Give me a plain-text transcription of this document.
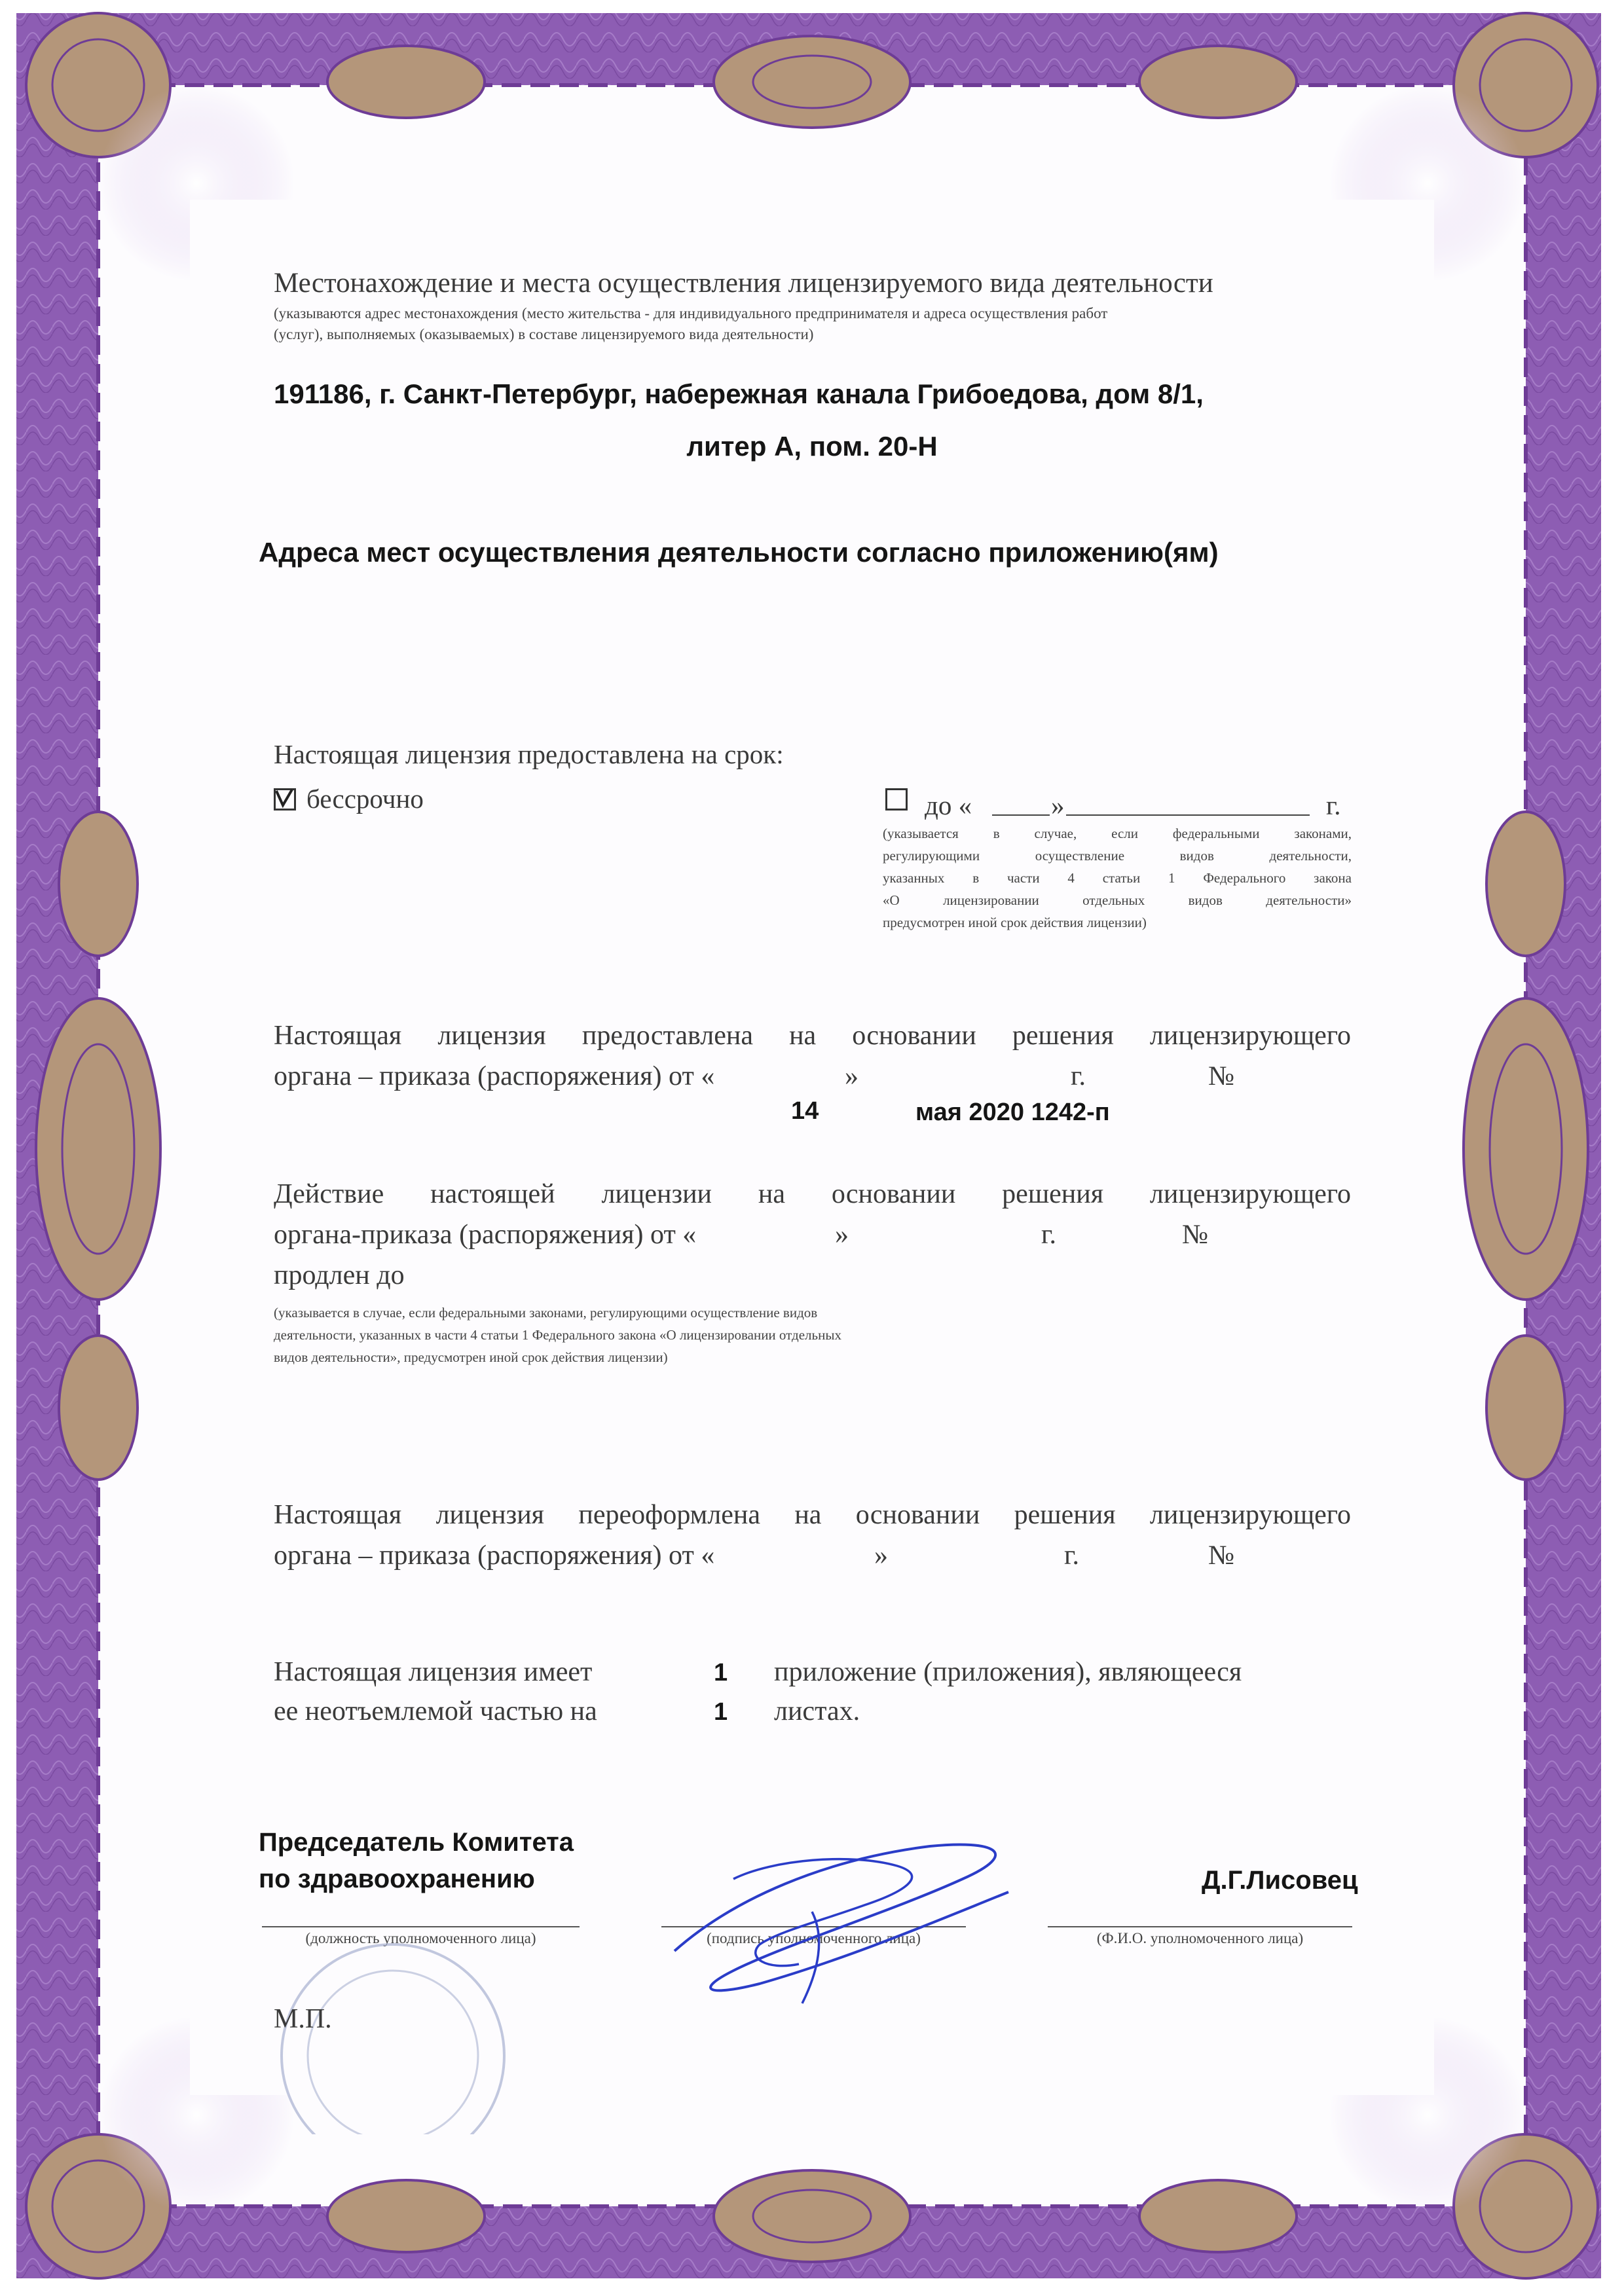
Местонахождение и места осуществления лицензируемого вида деятельности
(указываются адрес местонахождения (место жительства - для индивидуального предпринимателя и адреса осуществления работ
(услуг), выполняемых (оказываемых) в составе лицензируемого вида деятельности)
191186, г. Санкт-Петербург, набережная канала Грибоедова, дом 8/1,
литер А, пом. 20-Н
Адреса мест осуществления деятельности согласно приложению(ям)
Настоящая лицензия предоставлена на срок:
бессрочно	до «	»	г.
(указывается в случае, если федеральными законами,
регулирующими осуществление видов деятельности,
указанных в части 4 статьи 1 Федерального закона
«О лицензировании отдельных видов деятельности»
предусмотрен иной срок действия лицензии)
Настоящая лицензия предоставлена на основании решения лицензирующего
органа – приказа (распоряжения) от «	»	г.	№
14	мая 2020 1242-п
Действие настоящей лицензии на основании решения лицензирующего
органа-приказа (распоряжения) от «	»	г.	№
продлен до
(указывается в случае, если федеральными законами, регулирующими осуществление видов
деятельности, указанных в части 4 статьи 1 Федерального закона «О лицензировании отдельных
видов деятельности», предусмотрен иной срок действия лицензии)
Настоящая лицензия переоформлена на основании решения лицензирующего
органа – приказа (распоряжения) от «	»	г.	№
Настоящая лицензия имеет	1 приложение (приложения), являющееся
ее неотъемлемой частью на	1 листах.
Председатель Комитета
по здравоохранению	Д.Г.Лисовец
(должность уполномоченного лица)	(подпись уполномоченного лица)	(Ф.И.О. уполномоченного лица)
М.П.
